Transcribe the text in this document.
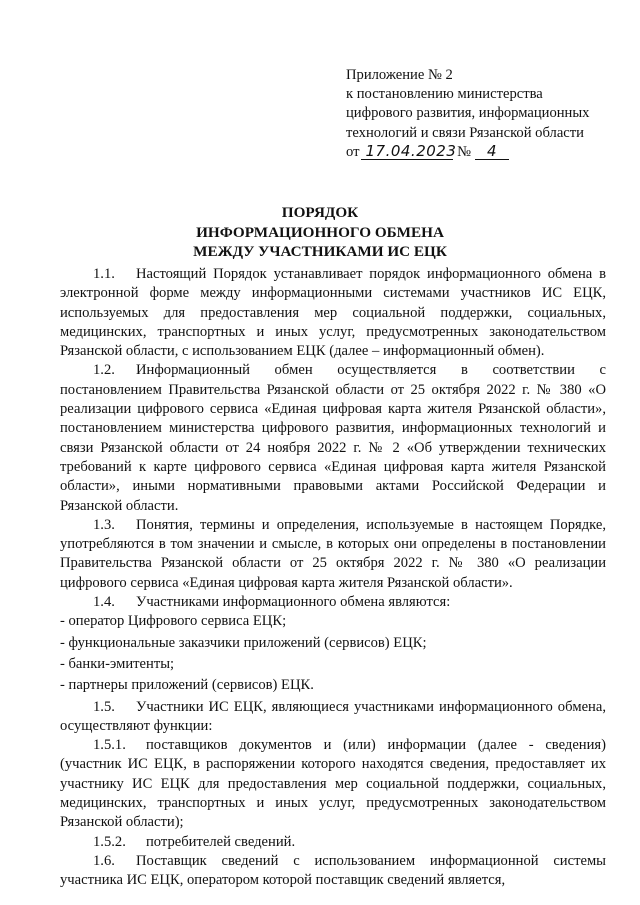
Приложение № 2
к постановлению министерства
цифрового развития, информационных
технологий и связи Рязанской области
от 17.04.2023 № 4
ПОРЯДОК
ИНФОРМАЦИОННОГО ОБМЕНА
МЕЖДУ УЧАСТНИКАМИ ИС ЕЦК

1.1. Настоящий Порядок устанавливает порядок информационного обмена в электронной форме между информационными системами участников ИС ЕЦК, используемых для предоставления мер социальной поддержки, социальных, медицинских, транспортных и иных услуг, предусмотренных законодательством Рязанской области, с использованием ЕЦК (далее – информационный обмен).

1.2. Информационный обмен осуществляется в соответствии с постановлением Правительства Рязанской области от 25 октября 2022 г. № 380 «О реализации цифрового сервиса «Единая цифровая карта жителя Рязанской области», постановлением министерства цифрового развития, информационных технологий и связи Рязанской области от 24 ноября 2022 г. № 2 «Об утверждении технических требований к карте цифрового сервиса «Единая цифровая карта жителя Рязанской области», иными нормативными правовыми актами Российской Федерации и Рязанской области.

1.3. Понятия, термины и определения, используемые в настоящем Порядке, употребляются в том значении и смысле, в которых они определены в постановлении Правительства Рязанской области от 25 октября 2022 г. № 380 «О реализации цифрового сервиса «Единая цифровая карта жителя Рязанской области».

1.4. Участниками информационного обмена являются:

- оператор Цифрового сервиса ЕЦК;

- функциональные заказчики приложений (сервисов) ЕЦК;

- банки-эмитенты;

- партнеры приложений (сервисов) ЕЦК.

1.5. Участники ИС ЕЦК, являющиеся участниками информационного обмена, осуществляют функции:

1.5.1. поставщиков документов и (или) информации (далее - сведения) (участник ИС ЕЦК, в распоряжении которого находятся сведения, предоставляет их участнику ИС ЕЦК для предоставления мер социальной поддержки, социальных, медицинских, транспортных и иных услуг, предусмотренных законодательством Рязанской области);

1.5.2. потребителей сведений.

1.6. Поставщик сведений с использованием информационной системы участника ИС ЕЦК, оператором которой поставщик сведений является,
